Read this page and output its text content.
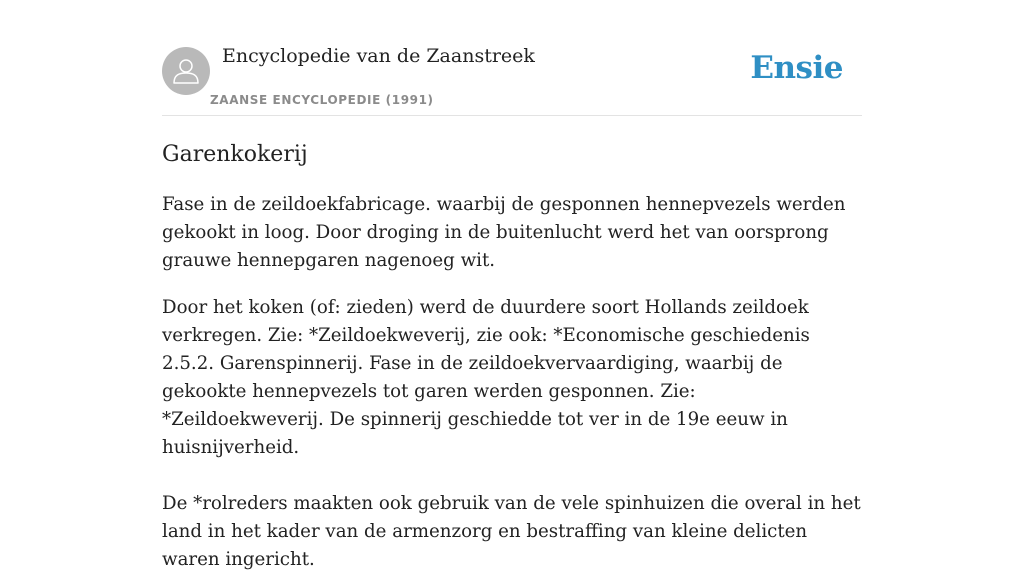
Encyclopedie van de Zaanstreek
ZAANSE ENCYCLOPEDIE (1991)
Ensie
Garenkokerij

Fase in de zeildoekfabricage. waarbij de gesponnen hennepvezels werden gekookt in loog. Door droging in de buitenlucht werd het van oorsprong grauwe hennepgaren nagenoeg wit.

Door het koken (of: zieden) werd de duurdere soort Hollands zeildoek verkregen. Zie: *Zeildoekweverij, zie ook: *Economische geschiedenis 2.5.2. Garenspinnerij. Fase in de zeildoekvervaardiging, waarbij de gekookte hennepvezels tot garen werden gesponnen. Zie: *Zeildoekweverij. De spinnerij geschiedde tot ver in de 19e eeuw in huisnijverheid.

De *rolreders maakten ook gebruik van de vele spinhuizen die overal in het land in het kader van de armenzorg en bestraffing van kleine delicten waren ingericht.
